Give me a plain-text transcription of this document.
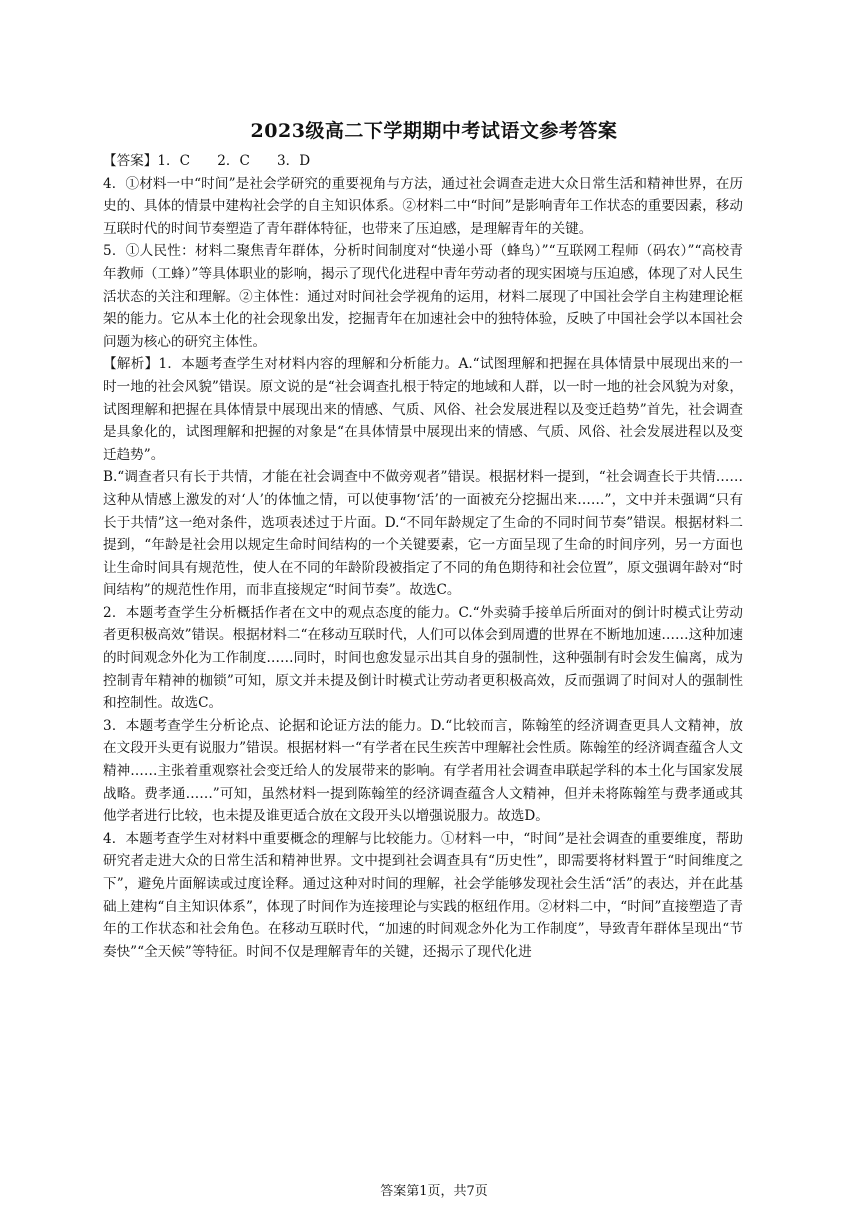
2023级高二下学期期中考试语文参考答案

【答案】1．C　　2．C　　3．D

4．①材料一中“时间”是社会学研究的重要视角与方法，通过社会调查走进大众日常生活和精神世界，在历史的、具体的情景中建构社会学的自主知识体系。②材料二中“时间”是影响青年工作状态的重要因素，移动互联时代的时间节奏塑造了青年群体特征，也带来了压迫感，是理解青年的关键。

5．①人民性：材料二聚焦青年群体，分析时间制度对“快递小哥（蜂鸟）”“互联网工程师（码农）”“高校青年教师（工蜂）”等具体职业的影响，揭示了现代化进程中青年劳动者的现实困境与压迫感，体现了对人民生活状态的关注和理解。②主体性：通过对时间社会学视角的运用，材料二展现了中国社会学自主构建理论框架的能力。它从本土化的社会现象出发，挖掘青年在加速社会中的独特体验，反映了中国社会学以本国社会问题为核心的研究主体性。

【解析】1．本题考查学生对材料内容的理解和分析能力。A.“试图理解和把握在具体情景中展现出来的一时一地的社会风貌”错误。原文说的是“社会调查扎根于特定的地域和人群，以一时一地的社会风貌为对象，试图理解和把握在具体情景中展现出来的情感、气质、风俗、社会发展进程以及变迁趋势”首先，社会调查是具象化的，试图理解和把握的对象是“在具体情景中展现出来的情感、气质、风俗、社会发展进程以及变迁趋势”。

B.“调查者只有长于共情，才能在社会调查中不做旁观者”错误。根据材料一提到，“社会调查长于共情……这种从情感上激发的对‘人’的体恤之情，可以使事物‘活’的一面被充分挖掘出来……”，文中并未强调“只有长于共情”这一绝对条件，选项表述过于片面。D.“不同年龄规定了生命的不同时间节奏”错误。根据材料二提到，“年龄是社会用以规定生命时间结构的一个关键要素，它一方面呈现了生命的时间序列，另一方面也让生命时间具有规范性，使人在不同的年龄阶段被指定了不同的角色期待和社会位置”，原文强调年龄对“时间结构”的规范性作用，而非直接规定“时间节奏”。故选C。

2．本题考查学生分析概括作者在文中的观点态度的能力。C.“外卖骑手接单后所面对的倒计时模式让劳动者更积极高效”错误。根据材料二“在移动互联时代，人们可以体会到周遭的世界在不断地加速……这种加速的时间观念外化为工作制度……同时，时间也愈发显示出其自身的强制性，这种强制有时会发生偏离，成为控制青年精神的枷锁”可知，原文并未提及倒计时模式让劳动者更积极高效，反而强调了时间对人的强制性和控制性。故选C。

3．本题考查学生分析论点、论据和论证方法的能力。D.“比较而言，陈翰笙的经济调查更具人文精神，放在文段开头更有说服力”错误。根据材料一“有学者在民生疾苦中理解社会性质。陈翰笙的经济调查蕴含人文精神……主张着重观察社会变迁给人的发展带来的影响。有学者用社会调查串联起学科的本土化与国家发展战略。费孝通……”可知，虽然材料一提到陈翰笙的经济调查蕴含人文精神，但并未将陈翰笙与费孝通或其他学者进行比较，也未提及谁更适合放在文段开头以增强说服力。故选D。

4．本题考查学生对材料中重要概念的理解与比较能力。①材料一中，“时间”是社会调查的重要维度，帮助研究者走进大众的日常生活和精神世界。文中提到社会调查具有“历史性”，即需要将材料置于“时间维度之下”，避免片面解读或过度诠释。通过这种对时间的理解，社会学能够发现社会生活“活”的表达，并在此基础上建构“自主知识体系”，体现了时间作为连接理论与实践的枢纽作用。②材料二中，“时间”直接塑造了青年的工作状态和社会角色。在移动互联时代，“加速的时间观念外化为工作制度”，导致青年群体呈现出“节奏快”“全天候”等特征。时间不仅是理解青年的关键，还揭示了现代化进

答案第1页，共7页
